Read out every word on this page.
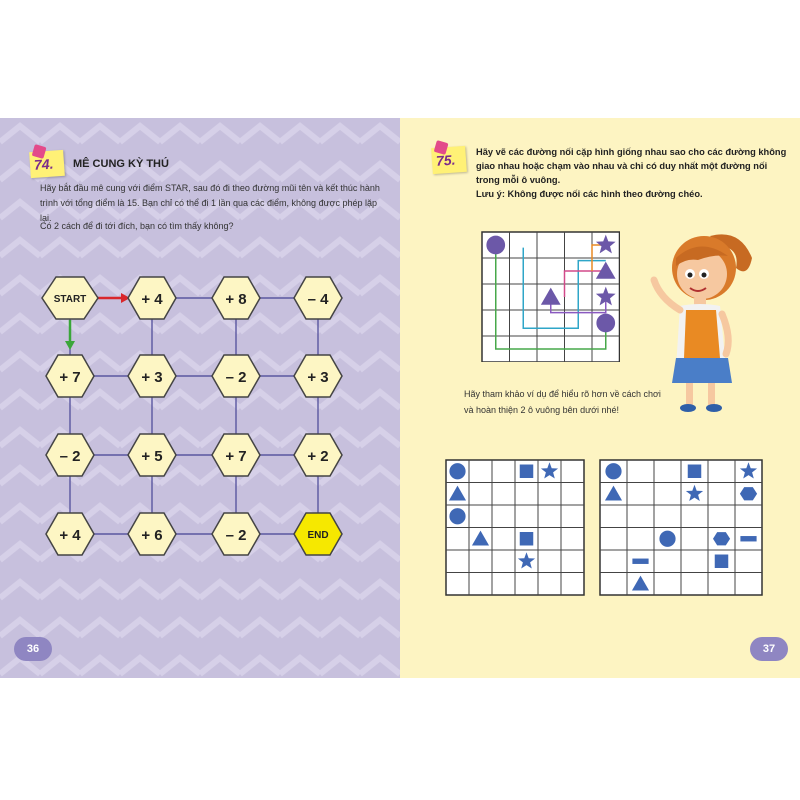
74. MÊ CUNG KỲ THÚ
Hãy bắt đầu mê cung với điểm STAR, sau đó đi theo đường mũi tên và kết thúc hành
trình với tổng điểm là 15. Bạn chỉ có thể đi 1 lần qua các điểm, không được phép lặp lại.
Có 2 cách để đi tới đích, bạn có tìm thấy không?
START	+ 4	+ 8	– 4
+ 7	+ 3	– 2	+ 3
– 2	+ 5	+ 7	+ 2
+ 4	+ 6	– 2	END
36
75. Hãy vẽ các đường nối cặp hình giống nhau sao cho các đường không
giao nhau hoặc chạm vào nhau và chỉ có duy nhất một đường nối
trong mỗi ô vuông.
Lưu ý: Không được nối các hình theo đường chéo.
Hãy tham khảo ví dụ để hiểu rõ hơn về cách chơi
và hoàn thiện 2 ô vuông bên dưới nhé!
37
